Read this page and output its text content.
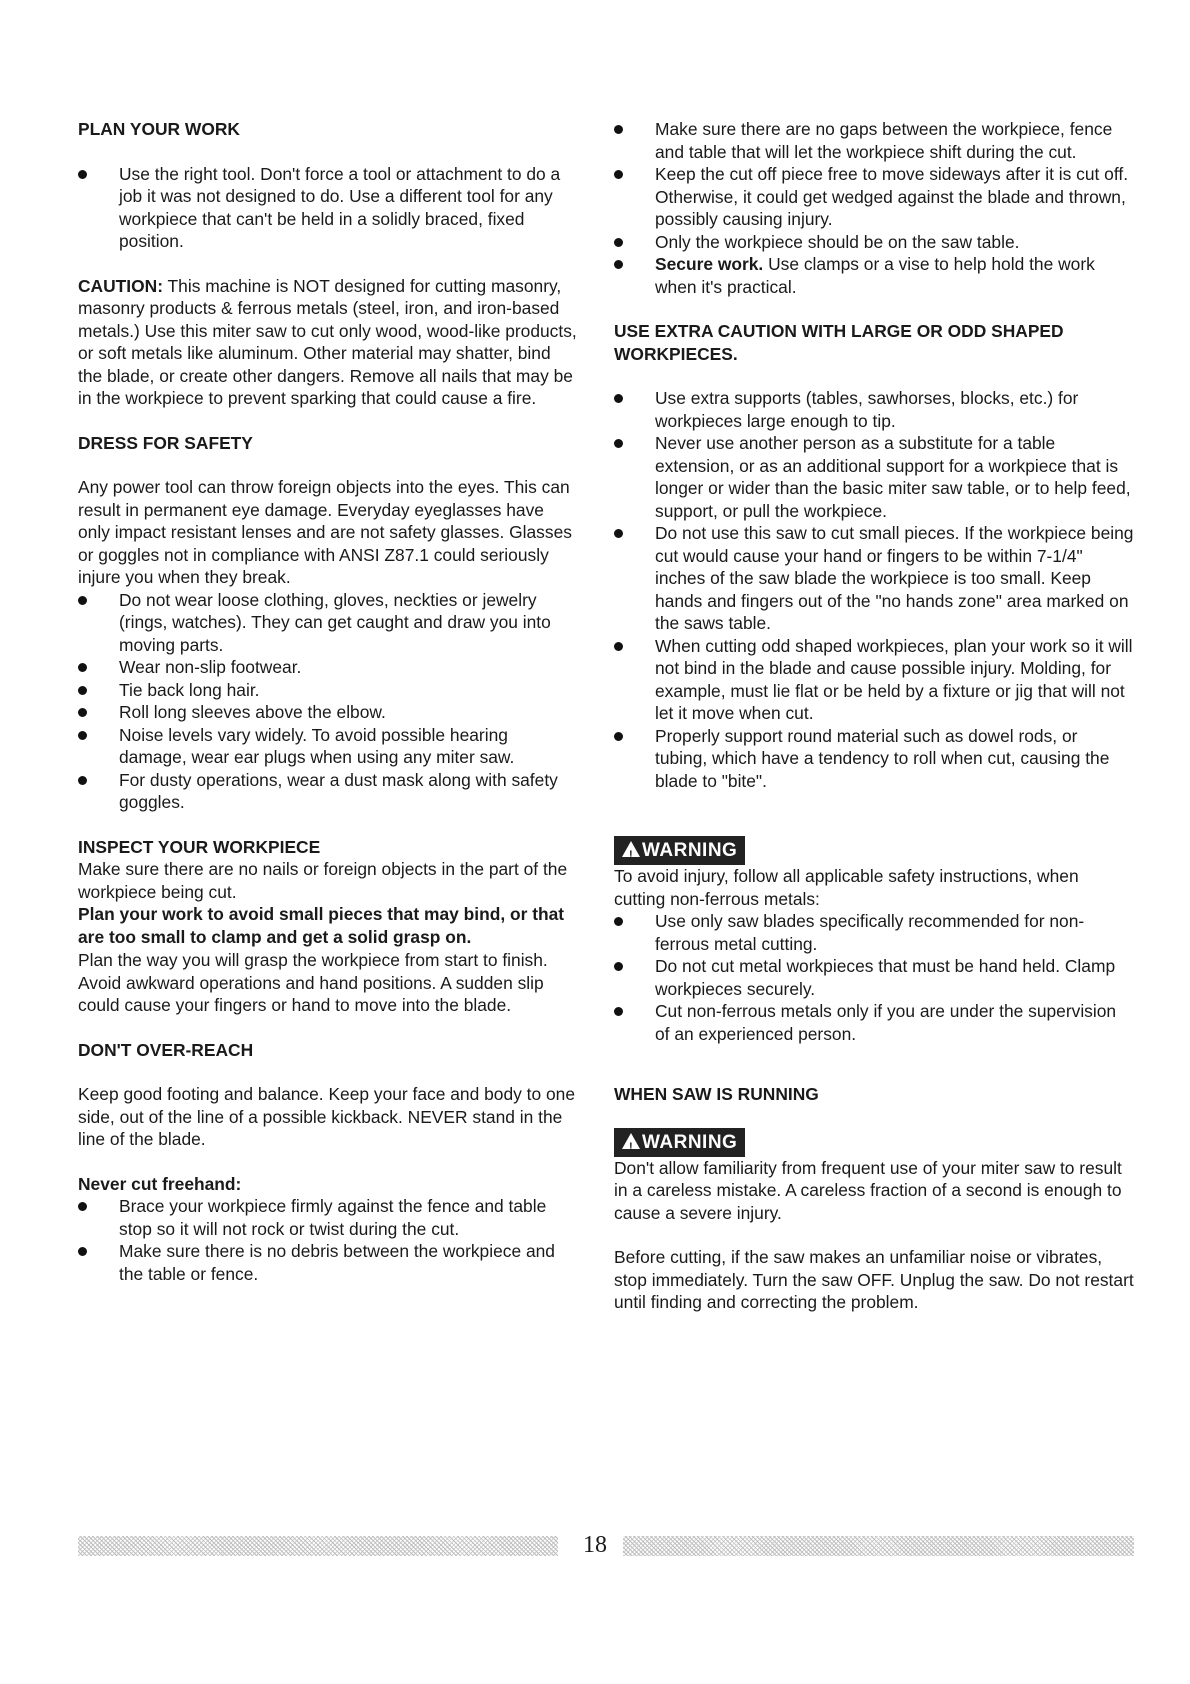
PLAN YOUR WORK
Use the right tool. Don't force a tool or attachment to do a job it was not designed to do. Use a different tool for any workpiece that can't be held in a solidly braced, fixed position.

CAUTION: This machine is NOT designed for cutting masonry, masonry products & ferrous metals (steel, iron, and iron-based metals.) Use this miter saw to cut only wood, wood-like products, or soft metals like aluminum. Other material may shatter, bind the blade, or create other dangers. Remove all nails that may be in the workpiece to prevent sparking that could cause a fire.

DRESS FOR SAFETY

Any power tool can throw foreign objects into the eyes. This can result in permanent eye damage. Everyday eyeglasses have only impact resistant lenses and are not safety glasses. Glasses or goggles not in compliance with ANSI Z87.1 could seriously injure you when they break.

Do not wear loose clothing, gloves, neckties or jewelry (rings, watches). They can get caught and draw you into moving parts.
Wear non-slip footwear.
Tie back long hair.
Roll long sleeves above the elbow.
Noise levels vary widely. To avoid possible hearing damage, wear ear plugs when using any miter saw.
For dusty operations, wear a dust mask along with safety goggles.
INSPECT YOUR WORKPIECE

Make sure there are no nails or foreign objects in the part of the workpiece being cut.

Plan your work to avoid small pieces that may bind, or that are too small to clamp and get a solid grasp on.

Plan the way you will grasp the workpiece from start to finish. Avoid awkward operations and hand positions. A sudden slip could cause your fingers or hand to move into the blade.

DON'T OVER-REACH

Keep good footing and balance. Keep your face and body to one side, out of the line of a possible kickback. NEVER stand in the line of the blade.

Never cut freehand:
Brace your workpiece firmly against the fence and table stop so it will not rock or twist during the cut.
Make sure there is no debris between the workpiece and the table or fence.
Make sure there are no gaps between the workpiece, fence and table that will let the workpiece shift during the cut.
Keep the cut off piece free to move sideways after it is cut off. Otherwise, it could get wedged against the blade and thrown, possibly causing injury.
Only the workpiece should be on the saw table.
Secure work. Use clamps or a vise to help hold the work when it's practical.
USE EXTRA CAUTION WITH LARGE OR ODD SHAPED WORKPIECES.
Use extra supports (tables, sawhorses, blocks, etc.) for workpieces large enough to tip.
Never use another person as a substitute for a table extension, or as an additional support for a workpiece that is longer or wider than the basic miter saw table, or to help feed, support, or pull the workpiece.
Do not use this saw to cut small pieces. If the workpiece being cut would cause your hand or fingers to be within 7-1/4" inches of the saw blade the workpiece is too small. Keep hands and fingers out of the "no hands zone" area marked on the saws table.
When cutting odd shaped workpieces, plan your work so it will not bind in the blade and cause possible injury. Molding, for example, must lie flat or be held by a fixture or jig that will not let it move when cut.
Properly support round material such as dowel rods, or tubing, which have a tendency to roll when cut, causing the blade to "bite".
! WARNING

To avoid injury, follow all applicable safety instructions, when cutting non-ferrous metals:

Use only saw blades specifically recommended for non-ferrous metal cutting.
Do not cut metal workpieces that must be hand held. Clamp workpieces securely.
Cut non-ferrous metals only if you are under the supervision of an experienced person.
WHEN SAW IS RUNNING
! WARNING

Don't allow familiarity from frequent use of your miter saw to result in a careless mistake. A careless fraction of a second is enough to cause a severe injury.

Before cutting, if the saw makes an unfamiliar noise or vibrates, stop immediately. Turn the saw OFF. Unplug the saw. Do not restart until finding and correcting the problem.

18
